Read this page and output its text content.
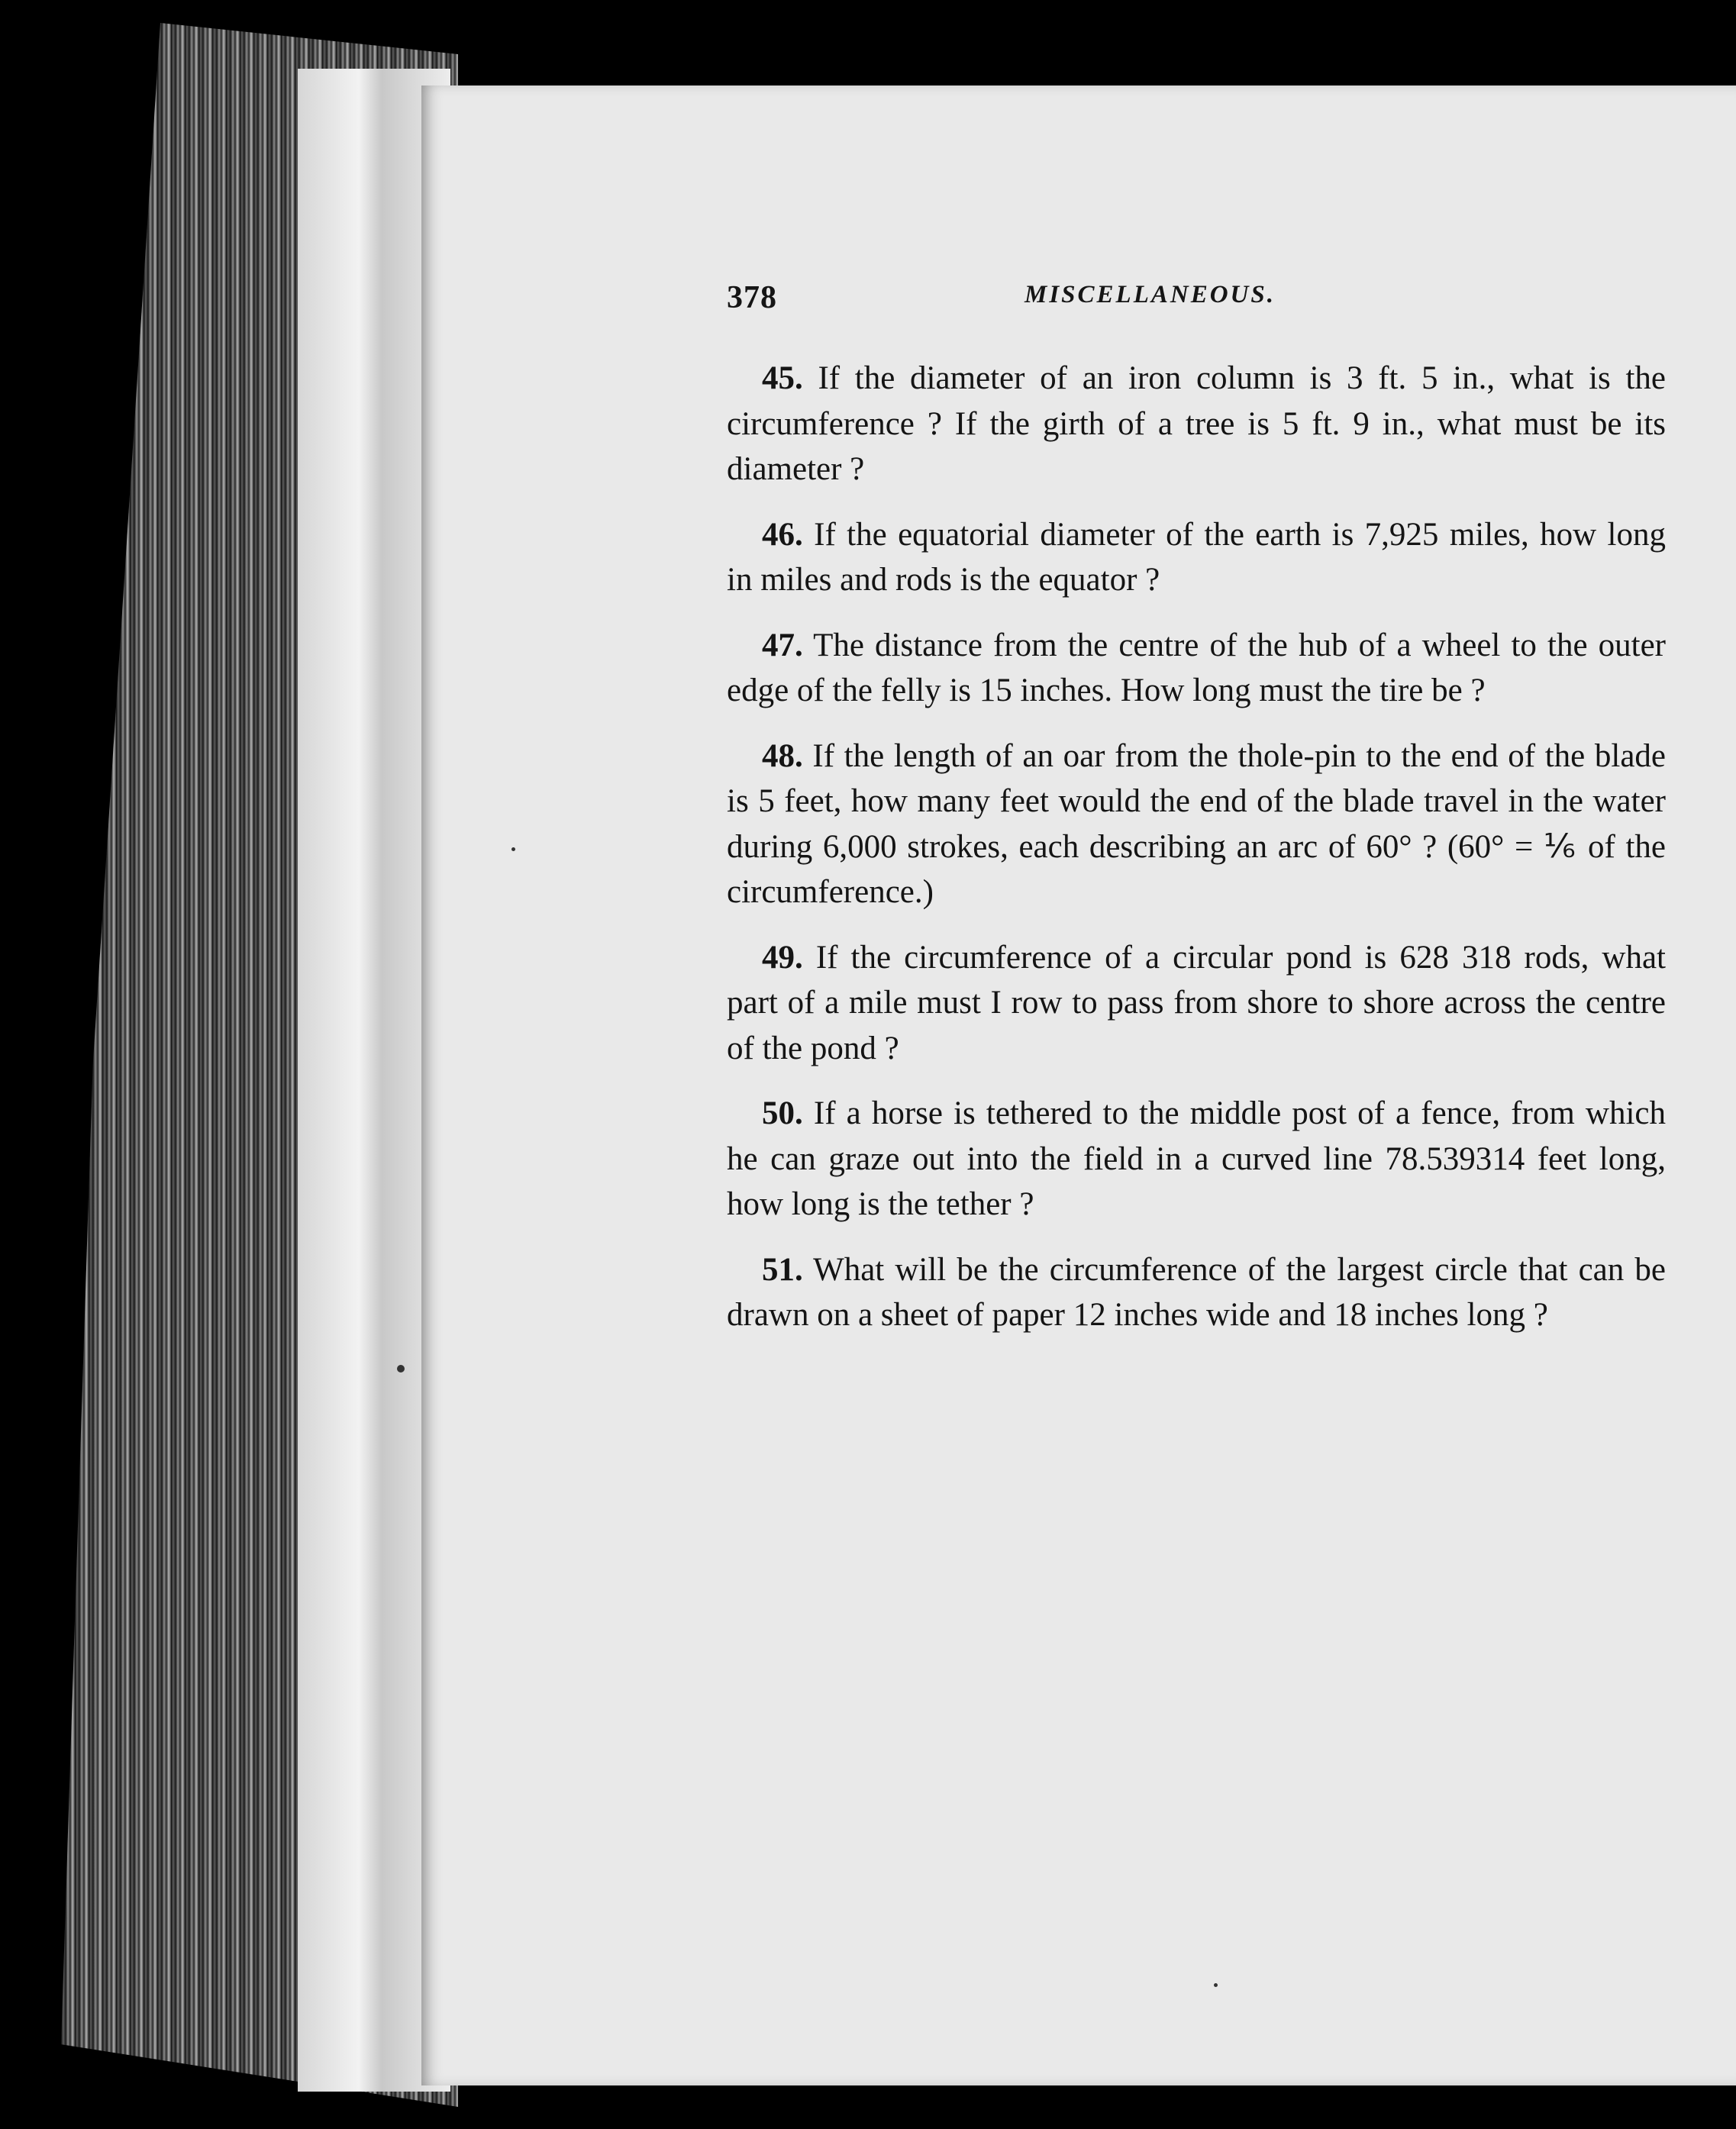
378	MISCELLANEOUS.

45. If the diameter of an iron column is 3 ft. 5 in., what is the circumference ? If the girth of a tree is 5 ft. 9 in., what must be its diameter ?

46. If the equatorial diameter of the earth is 7,925 miles, how long in miles and rods is the equator ?

47. The distance from the centre of the hub of a wheel to the outer edge of the felly is 15 inches. How long must the tire be ?

48. If the length of an oar from the thole-pin to the end of the blade is 5 feet, how many feet would the end of the blade travel in the water during 6,000 strokes, each describing an arc of 60° ? (60° = ⅙ of the circumference.)

49. If the circumference of a circular pond is 628 318 rods, what part of a mile must I row to pass from shore to shore across the centre of the pond ?

50. If a horse is tethered to the middle post of a fence, from which he can graze out into the field in a curved line 78.539314 feet long, how long is the tether ?

51. What will be the circumference of the largest circle that can be drawn on a sheet of paper 12 inches wide and 18 inches long ?
